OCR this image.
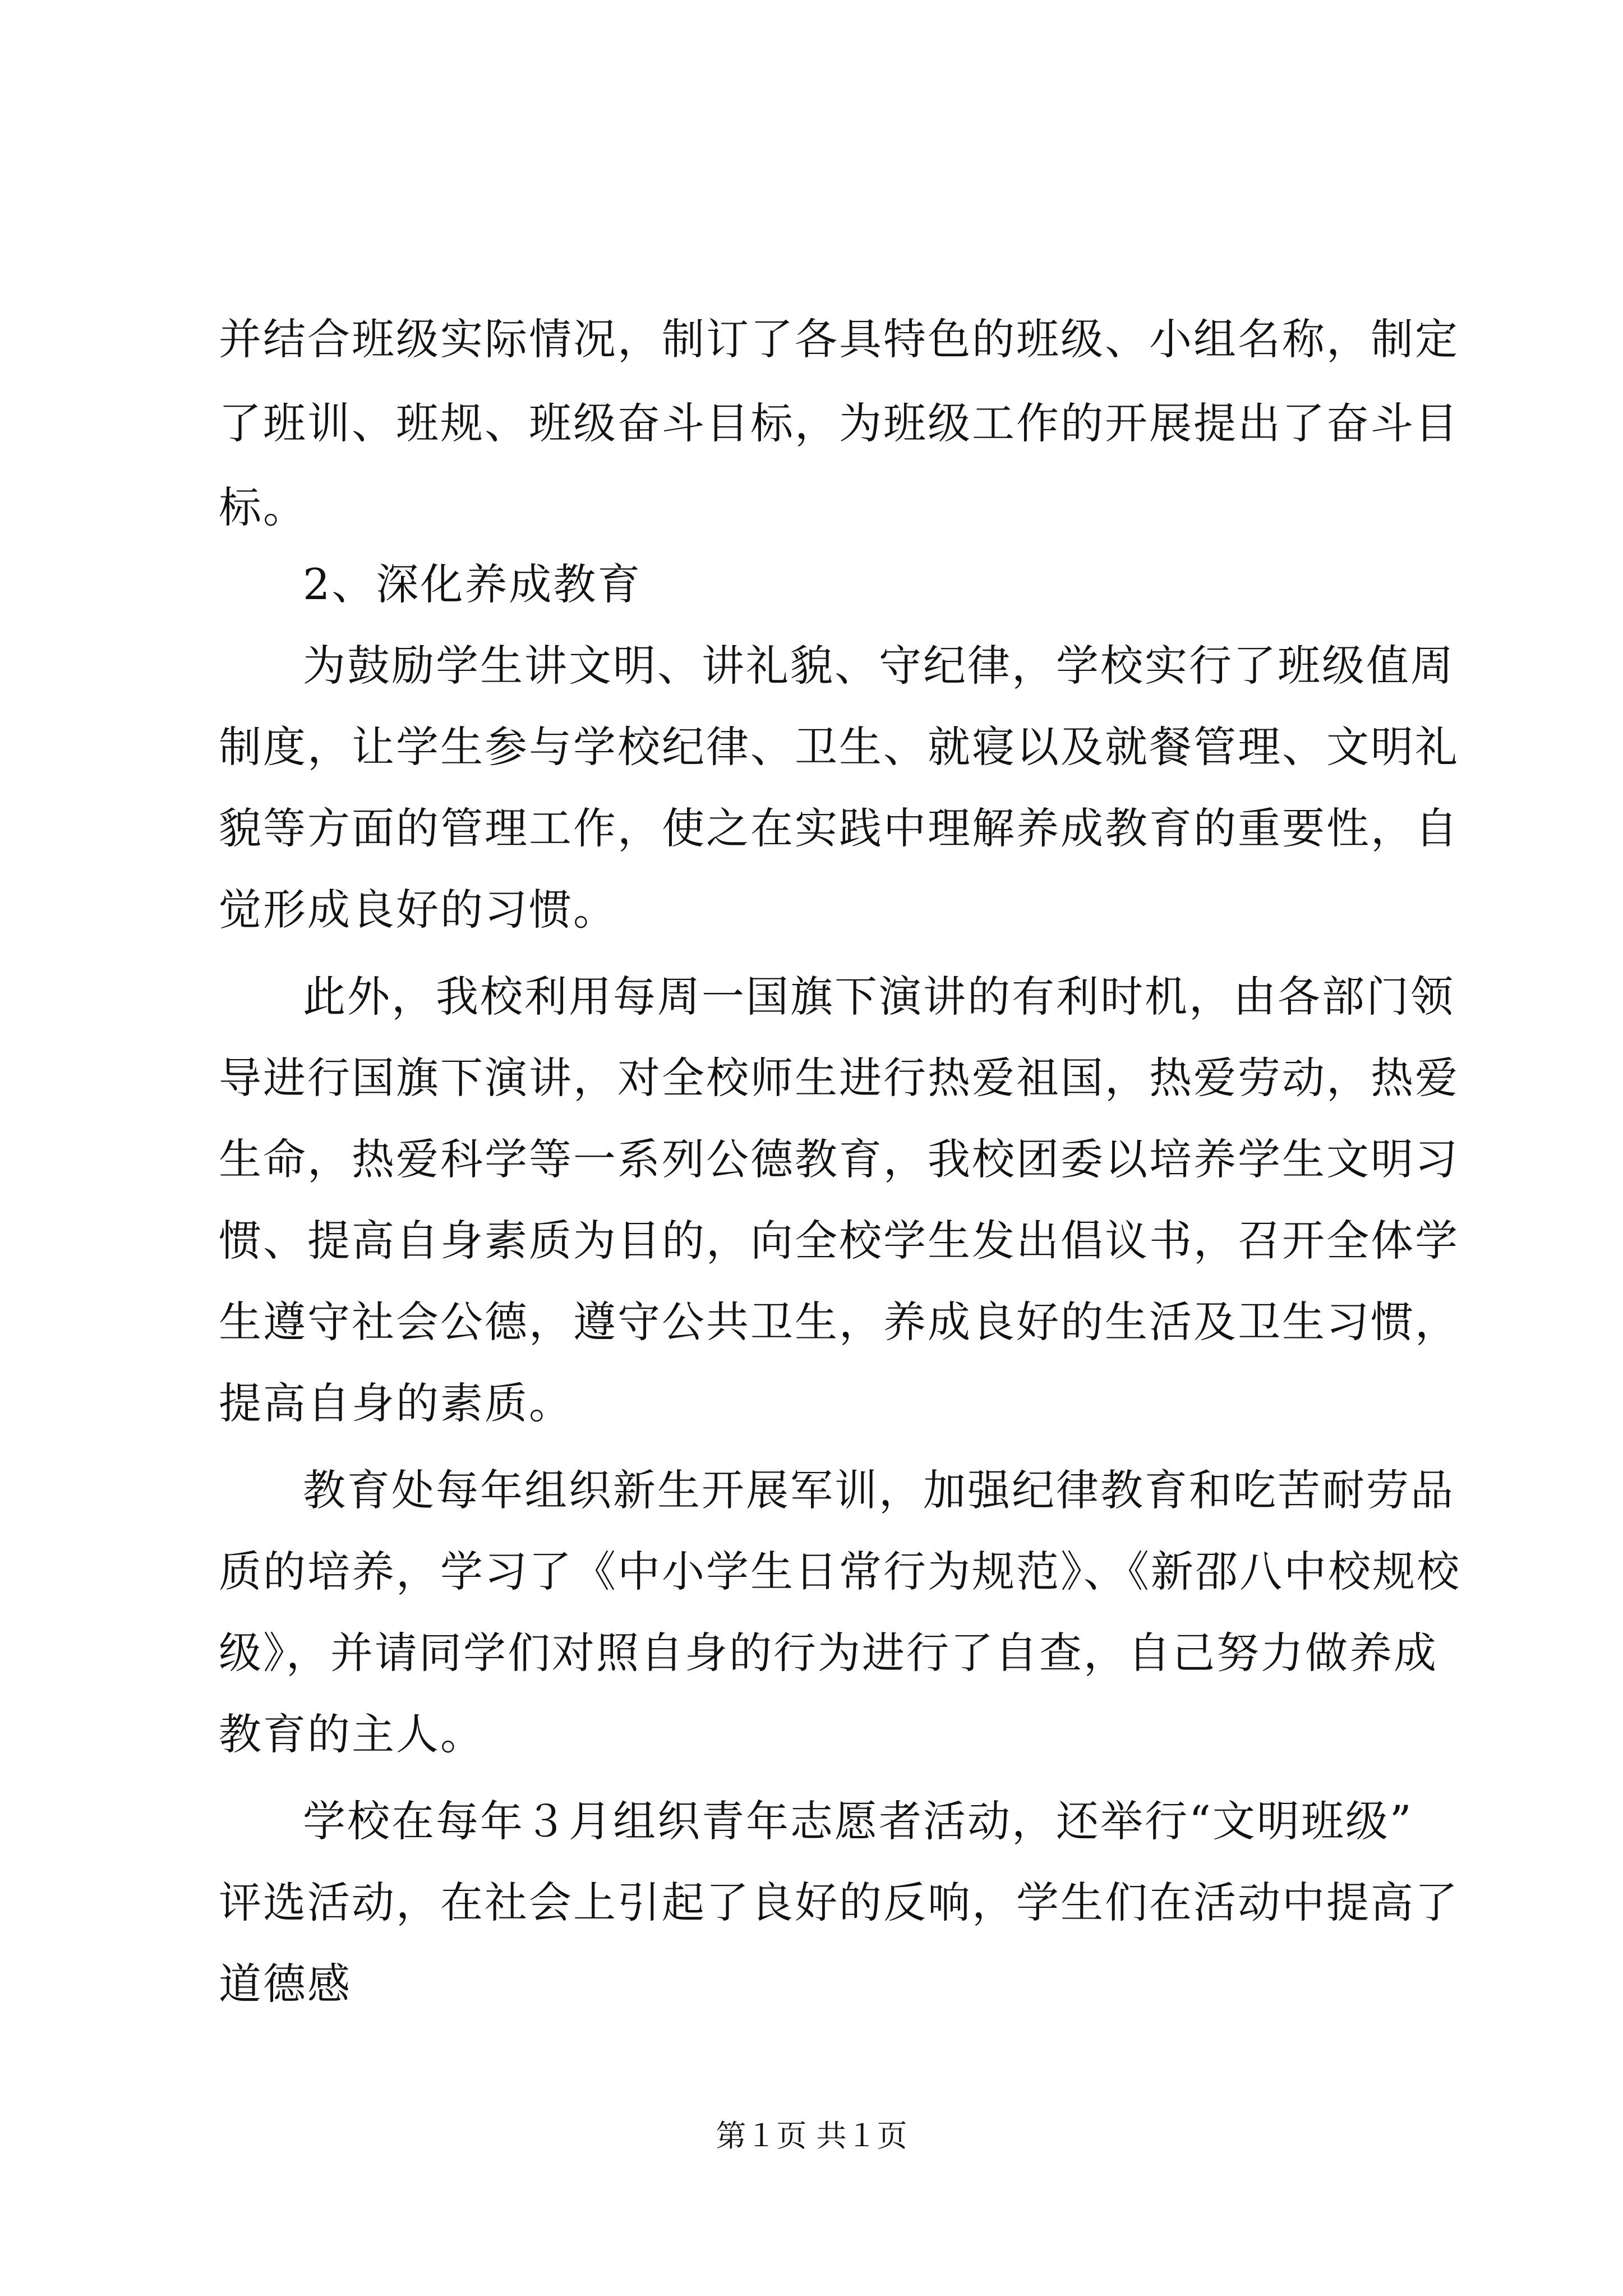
并结合班级实际情况，制订了各具特色的班级、小组名称，制定
了班训、班规、班级奋斗目标，为班级工作的开展提出了奋斗目
标。
2、深化养成教育
为鼓励学生讲文明、讲礼貌、守纪律，学校实行了班级值周
制度，让学生参与学校纪律、卫生、就寝以及就餐管理、文明礼
貌等方面的管理工作，使之在实践中理解养成教育的重要性，自
觉形成良好的习惯。
此外，我校利用每周一国旗下演讲的有利时机，由各部门领
导进行国旗下演讲，对全校师生进行热爱祖国，热爱劳动，热爱
生命，热爱科学等一系列公德教育，我校团委以培养学生文明习
惯、提高自身素质为目的，向全校学生发出倡议书，召开全体学
生遵守社会公德，遵守公共卫生，养成良好的生活及卫生习惯，
提高自身的素质。
教育处每年组织新生开展军训，加强纪律教育和吃苦耐劳品
质的培养，学习了《中小学生日常行为规范》、《新邵八中校规校
级》，并请同学们对照自身的行为进行了自查，自己努力做养成
教育的主人。
学校在每年３月组织青年志愿者活动，还举行“文明班级”
评选活动，在社会上引起了良好的反响，学生们在活动中提高了
道德感
第１页 共１页
